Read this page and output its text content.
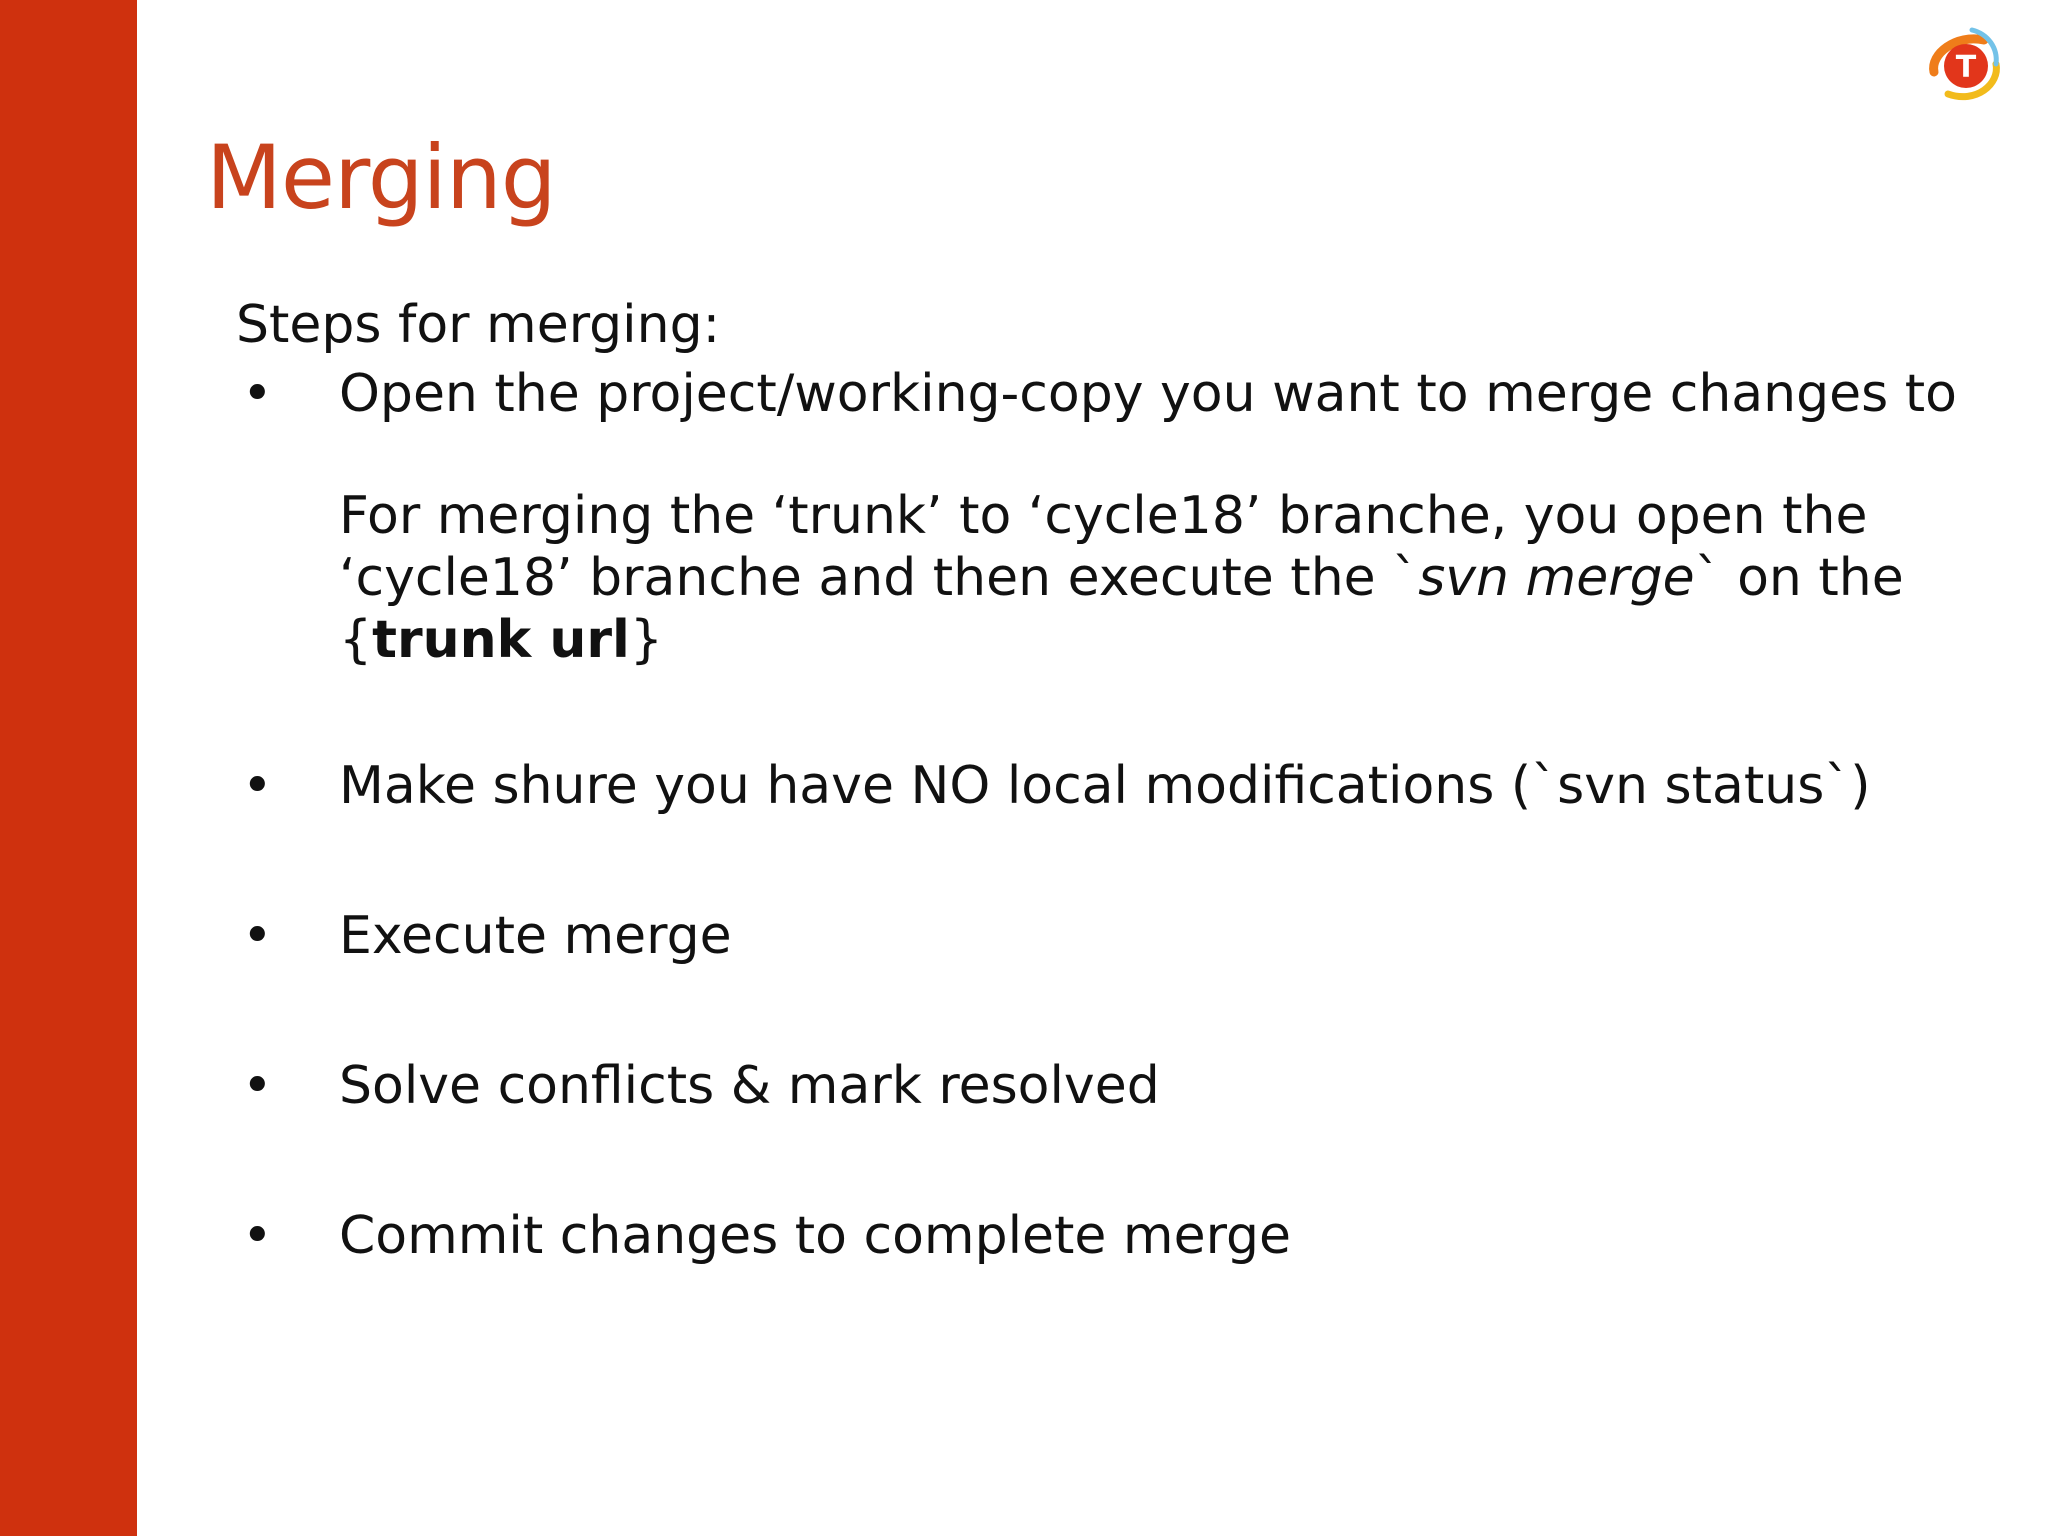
T
Merging

Steps for merging:

• Open the project/working-copy you want to merge changes to
For merging the ‘trunk’ to ‘cycle18’ branche, you open the ‘cycle18’ branche and then execute the `svn merge` on the {trunk url}
• Make shure you have NO local modifications (`svn status`)
• Execute merge
• Solve conflicts & mark resolved
• Commit changes to complete merge
